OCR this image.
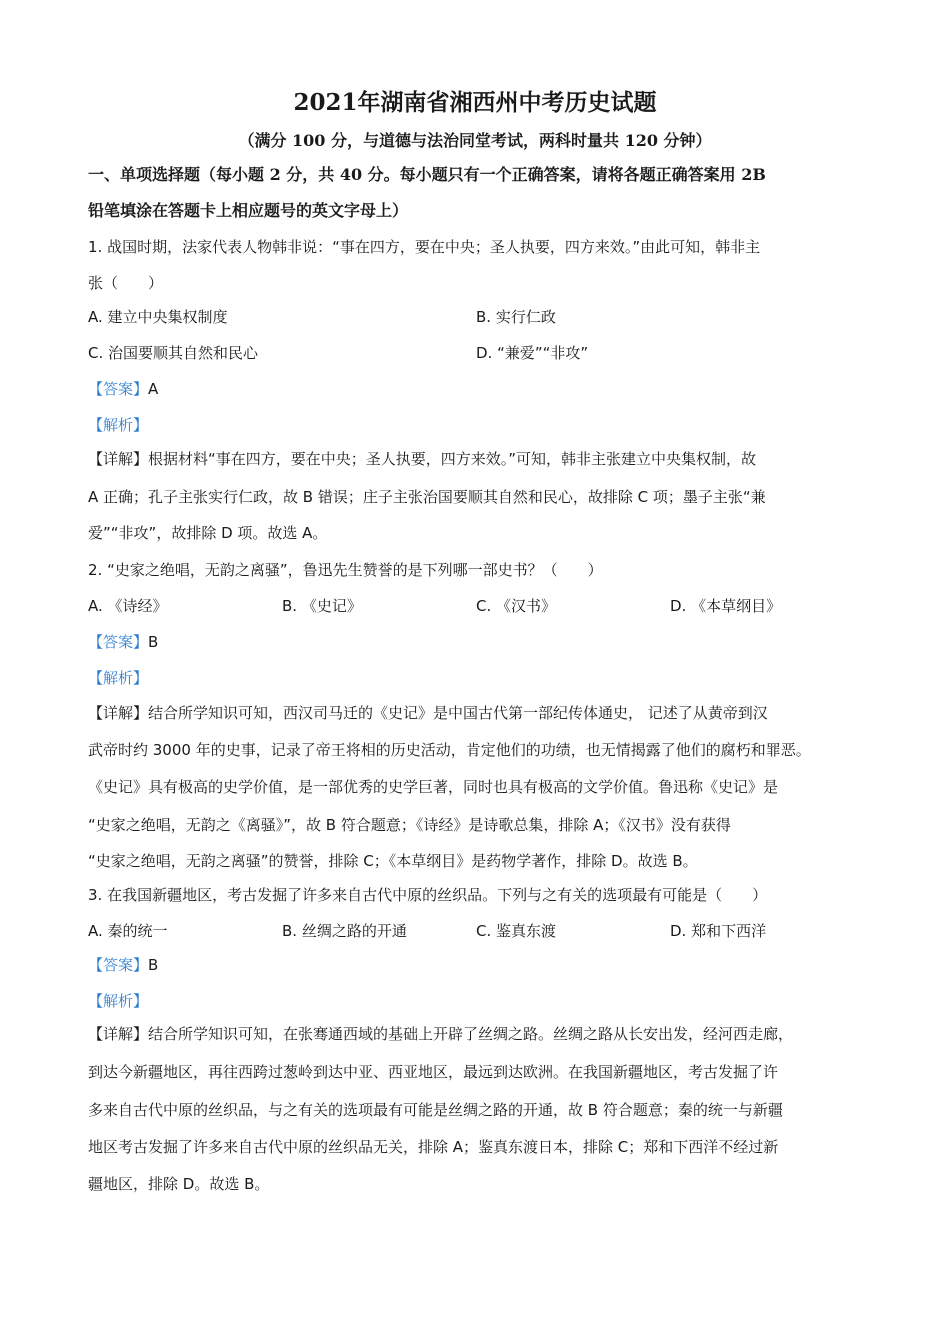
2021年湖南省湘西州中考历史试题
（满分 100 分，与道德与法治同堂考试，两科时量共 120 分钟）
一、单项选择题（每小题 2 分，共 40 分。每小题只有一个正确答案，请将各题正确答案用 2B
铅笔填涂在答题卡上相应题号的英文字母上）
1. 战国时期，法家代表人物韩非说：“事在四方，要在中央；圣人执要，四方来效。”由此可知，韩非主
张（　　）
A. 建立中央集权制度	B. 实行仁政
C. 治国要顺其自然和民心	D. “兼爱”“非攻”
【答案】A
【解析】
【详解】根据材料“事在四方，要在中央；圣人执要，四方来效。”可知，韩非主张建立中央集权制，故
A 正确；孔子主张实行仁政，故 B 错误；庄子主张治国要顺其自然和民心，故排除 C 项；墨子主张“兼
爱”“非攻”，故排除 D 项。故选 A。
2. “史家之绝唱，无韵之离骚”，鲁迅先生赞誉的是下列哪一部史书？（　　）
A. 《诗经》	B. 《史记》	C. 《汉书》	D. 《本草纲目》
【答案】B
【解析】
【详解】结合所学知识可知，西汉司马迁的《史记》是中国古代第一部纪传体通史， 记述了从黄帝到汉
武帝时约 3000 年的史事，记录了帝王将相的历史活动，肯定他们的功绩，也无情揭露了他们的腐朽和罪恶。
《史记》具有极高的史学价值，是一部优秀的史学巨著，同时也具有极高的文学价值。鲁迅称《史记》是
“史家之绝唱，无韵之《离骚》”，故 B 符合题意；《诗经》是诗歌总集，排除 A；《汉书》没有获得
“史家之绝唱，无韵之离骚”的赞誉，排除 C；《本草纲目》是药物学著作，排除 D。故选 B。
3. 在我国新疆地区，考古发掘了许多来自古代中原的丝织品。下列与之有关的选项最有可能是（　　）
A. 秦的统一	B. 丝绸之路的开通	C. 鉴真东渡	D. 郑和下西洋
【答案】B
【解析】
【详解】结合所学知识可知，在张骞通西域的基础上开辟了丝绸之路。丝绸之路从长安出发，经河西走廊，
到达今新疆地区，再往西跨过葱岭到达中亚、西亚地区，最远到达欧洲。在我国新疆地区，考古发掘了许
多来自古代中原的丝织品，与之有关的选项最有可能是丝绸之路的开通，故 B 符合题意；秦的统一与新疆
地区考古发掘了许多来自古代中原的丝织品无关，排除 A；鉴真东渡日本，排除 C；郑和下西洋不经过新
疆地区，排除 D。故选 B。
